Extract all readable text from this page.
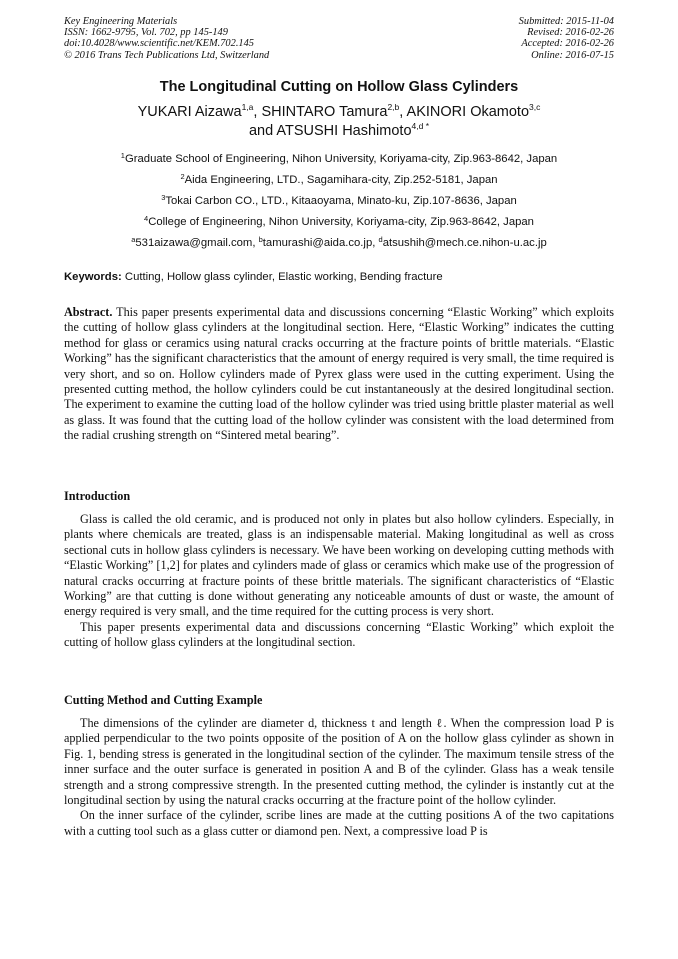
Key Engineering Materials
ISSN: 1662-9795, Vol. 702, pp 145-149
doi:10.4028/www.scientific.net/KEM.702.145
© 2016 Trans Tech Publications Ltd, Switzerland
Submitted: 2015-11-04
Revised: 2016-02-26
Accepted: 2016-02-26
Online: 2016-07-15
The Longitudinal Cutting on Hollow Glass Cylinders
YUKARI Aizawa$^{1,a}$, SHINTARO Tamura$^{2,b}$, AKINORI Okamoto$^{3,c}$
and ATSUSHI Hashimoto$^{4,d *}$
$^1$Graduate School of Engineering, Nihon University, Koriyama-city, Zip.963-8642, Japan
$^2$Aida Engineering, LTD., Sagamihara-city, Zip.252-5181, Japan
$^3$Tokai Carbon CO., LTD., Kitaaoyama, Minato-ku, Zip.107-8636, Japan
$^4$College of Engineering, Nihon University, Koriyama-city, Zip.963-8642, Japan
$^a$531aizawa@gmail.com, $^b$tamurashi@aida.co.jp, $^d$atsushih@mech.ce.nihon-u.ac.jp
Keywords: Cutting, Hollow glass cylinder, Elastic working, Bending fracture

Abstract. This paper presents experimental data and discussions concerning “Elastic Working” which exploits the cutting of hollow glass cylinders at the longitudinal section. Here, “Elastic Working” indicates the cutting method for glass or ceramics using natural cracks occurring at the fracture points of brittle materials. “Elastic Working” has the significant characteristics that the amount of energy required is very small, the time required is very short, and so on. Hollow cylinders made of Pyrex glass were used in the cutting experiment. Using the presented cutting method, the hollow cylinders could be cut instantaneously at the desired longitudinal section. The experiment to examine the cutting load of the hollow cylinder was tried using brittle plaster material as well as glass. It was found that the cutting load of the hollow cylinder was consistent with the load determined from the radial crushing strength on “Sintered metal bearing”.

Introduction

Glass is called the old ceramic, and is produced not only in plates but also hollow cylinders. Especially, in plants where chemicals are treated, glass is an indispensable material. Making longitudinal as well as cross sectional cuts in hollow glass cylinders is necessary. We have been working on developing cutting methods with “Elastic Working” [1,2] for plates and cylinders made of glass or ceramics which make use of the progression of natural cracks occurring at fracture points of these brittle materials. The significant characteristics of “Elastic Working” are that cutting is done without generating any noticeable amounts of dust or waste, the amount of energy required is very small, and the time required for the cutting process is very short.

This paper presents experimental data and discussions concerning “Elastic Working” which exploit the cutting of hollow glass cylinders at the longitudinal section.

Cutting Method and Cutting Example

The dimensions of the cylinder are diameter d, thickness t and length ℓ. When the compression load P is applied perpendicular to the two points opposite of the position of A on the hollow glass cylinder as shown in Fig. 1, bending stress is generated in the longitudinal section of the cylinder. The maximum tensile stress of the inner surface and the outer surface is generated in position A and B of the cylinder. Glass has a weak tensile strength and a strong compressive strength. In the presented cutting method, the cylinder is instantly cut at the longitudinal section by using the natural cracks occurring at the fracture point of the hollow cylinder.

On the inner surface of the cylinder, scribe lines are made at the cutting positions A of the two capitations with a cutting tool such as a glass cutter or diamond pen. Next, a compressive load P is
